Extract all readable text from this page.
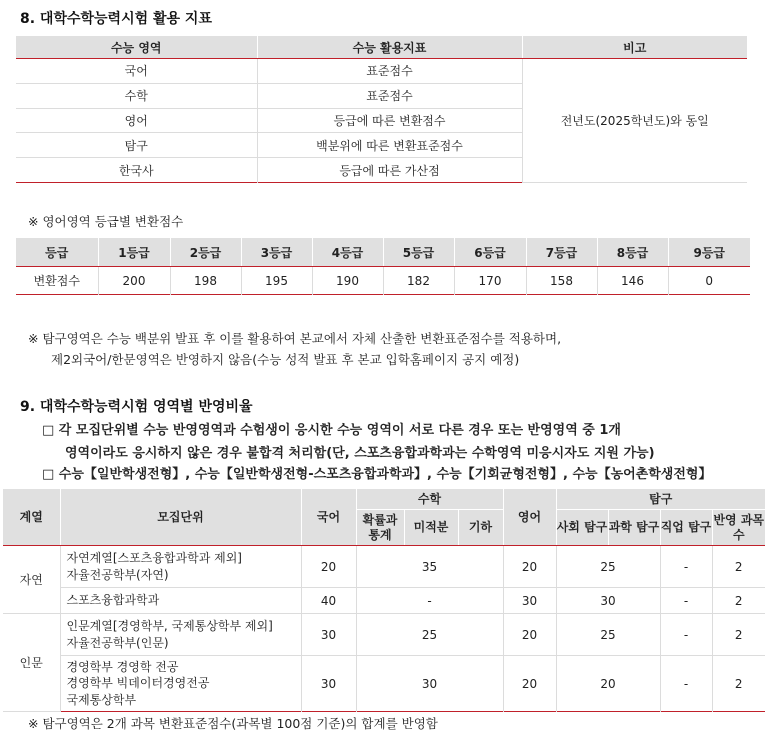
8. 대학수학능력시험 활용 지표
수능 영역	수능 활용지표	비고
국어	표준점수	전년도(2025학년도)와 동일
수학	표준점수	
영어	등급에 따른 변환점수	
탐구	백분위에 따른 변환표준점수	
한국사	등급에 따른 가산점	
※ 영어영역 등급별 변환점수
등급	1등급	2등급	3등급	4등급	5등급	6등급	7등급	8등급	9등급
변환점수	200	198	195	190	182	170	158	146	0
※ 탐구영역은 수능 백분위 발표 후 이를 활용하여 본교에서 자체 산출한 변환표준점수를 적용하며,
제2외국어/한문영역은 반영하지 않음(수능 성적 발표 후 본교 입학홈페이지 공지 예정)
9. 대학수학능력시험 영역별 반영비율
□ 각 모집단위별 수능 반영영역과 수험생이 응시한 수능 영역이 서로 다른 경우 또는 반영영역 중 1개
영역이라도 응시하지 않은 경우 불합격 처리함(단, 스포츠융합과학과는 수학영역 미응시자도 지원 가능)
□ 수능【일반학생전형】, 수능【일반학생전형-스포츠융합과학과】, 수능【기회균형전형】, 수능【농어촌학생전형】
계열	모집단위	국어	수학			영어	탐구			
			확률과 통계	미적분	기하		사회 탐구	과학 탐구	직업 탐구	반영 과목수
자연	자연계열[스포츠융합과학과 제외]
자율전공학부(자연)	20	35			20	25		-	2

	스포츠융합과학과	40	-			30	30		-	2
인문	인문계열[경영학부, 국제통상학부 제외]
자율전공학부(인문)	30	25			20	25		-	2

	경영학부 경영학 전공
경영학부 빅데이터경영전공
국제통상학부	30	30			20	20		-	2
※ 탐구영역은 2개 과목 변환표준점수(과목별 100점 기준)의 합계를 반영함
